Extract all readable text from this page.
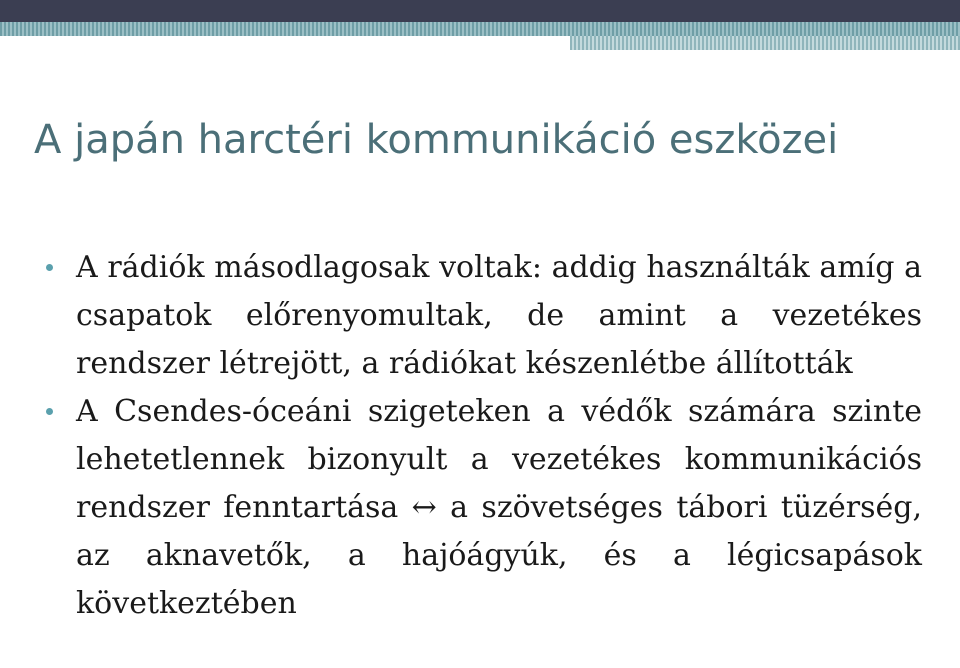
A japán harctéri kommunikáció eszközei
A rádiók másodlagosak voltak: addig használták amíg a csapatok előrenyomultak, de amint a vezetékes rendszer létrejött, a rádiókat készenlétbe állították
A Csendes-óceáni szigeteken a védők számára szinte lehetetlennek bizonyult a vezetékes kommunikációs rendszer fenntartása ↔ a szövetséges tábori tüzérség, az aknavetők, a hajóágyúk, és a légicsapások következtében
